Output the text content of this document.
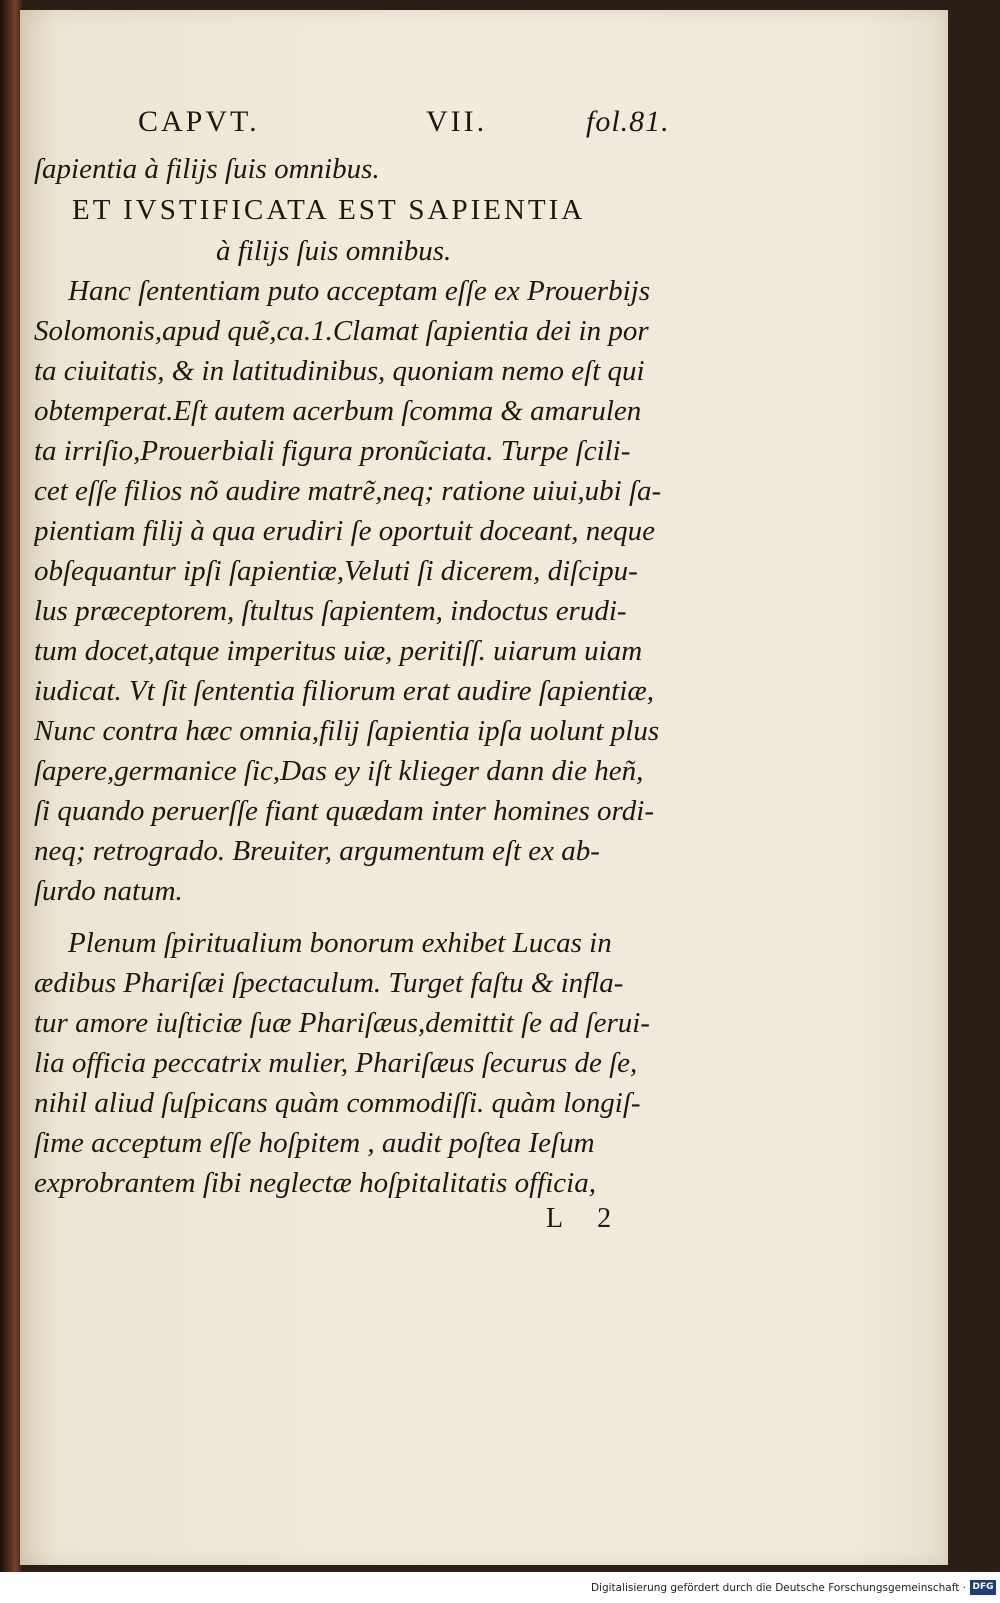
CAPVT.	VII.	fol.81.
ſapientia à filijs ſuis omnibus.
ET IVSTIFICATA EST SAPIENTIA
à filijs ſuis omnibus.
Hanc ſententiam puto acceptam eſſe ex Prouerbijs
Solomonis,apud quẽ,ca.1.Clamat ſapientia dei in por
ta ciuitatis, & in latitudinibus, quoniam nemo eſt qui
obtemperat.Eſt autem acerbum ſcomma & amarulen
ta irriſio,Prouerbiali figura pronũciata. Turpe ſcili-
cet eſſe filios nõ audire matrẽ,neq; ratione uiui,ubi ſa-
pientiam filij à qua erudiri ſe oportuit doceant, neque
obſequantur ipſi ſapientiæ,Veluti ſi dicerem, diſcipu-
lus præceptorem, ſtultus ſapientem, indoctus erudi-
tum docet,atque imperitus uiæ, peritiſſ. uiarum uiam
iudicat. Vt ſit ſententia filiorum erat audire ſapientiæ,
Nunc contra hæc omnia,filij ſapientia ipſa uolunt plus
ſapere,germanice ſic,Das ey iſt klieger dann die heñ,
ſi quando peruerſſe fiant quædam inter homines ordi-
neq; retrogrado. Breuiter, argumentum eſt ex ab-
ſurdo natum.
Plenum ſpiritualium bonorum exhibet Lucas in
ædibus Phariſæi ſpectaculum. Turget faſtu & infla-
tur amore iuſticiæ ſuæ Phariſæus,demittit ſe ad ſerui-
lia officia peccatrix mulier, Phariſæus ſecurus de ſe,
nihil aliud ſuſpicans quàm commodiſſi. quàm longiſ-
ſime acceptum eſſe hoſpitem , audit poſtea Ieſum
exprobrantem ſibi neglectæ hoſpitalitatis officia,
L 2
Digitalisierung gefördert durch die Deutsche Forschungsgemeinschaft · DFG
